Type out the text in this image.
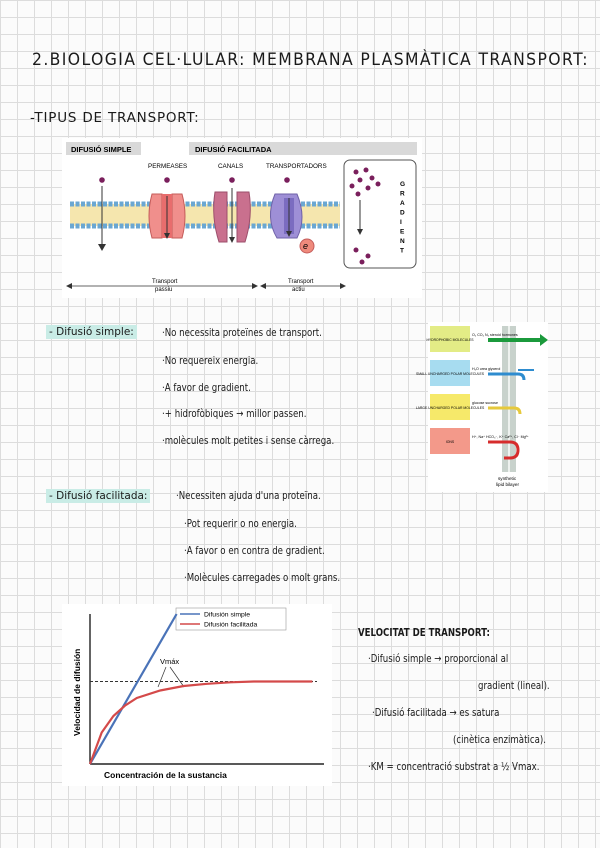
2.BIOLOGIA CEL·LULAR: MEMBRANA PLASMÀTICA TRANSPORT:
-TIPUS DE TRANSPORT:
DIFUSIÓ SIMPLE	DIFUSIÓ FACILITADA
PERMEASES	CANALS	TRANSPORTADORS
e
G
R
A
D
I
E
N
T
Transport
passiu
Transport
actiu
- Difusió simple:	·No necessita proteïnes de transport.
·No requereix energia.
·A favor de gradient.
·+ hidrofòbiques → millor passen.
·molècules molt petites i sense càrrega.
HYDROPHOBIC MOLECULES
O₂ CO₂ N₂ steroid hormones
SMALL UNCHARGED POLAR MOLECULES
H₂O urea glycerol
LARGE UNCHARGED POLAR MOLECULES
glucose sucrose
IONS
H⁺, Na⁺ HCO₃⁻, K⁺ Ca²⁺, Cl⁻ Mg²⁺
synthetic
lipid bilayer
- Difusió facilitada:	·Necessiten ajuda d'una proteïna.
·Pot requerir o no energia.
·A favor o en contra de gradient.
·Molècules carregades o molt grans.
Concentración de la sustancia
Velocidad de difusión
Difusión simple
Difusión facilitada
Vmáx
VELOCITAT DE TRANSPORT:
·Difusió simple → proporcional al
gradient (lineal).
·Difusió facilitada → es satura
(cinètica enzimàtica).
·KM = concentració substrat a ½ Vmax.
